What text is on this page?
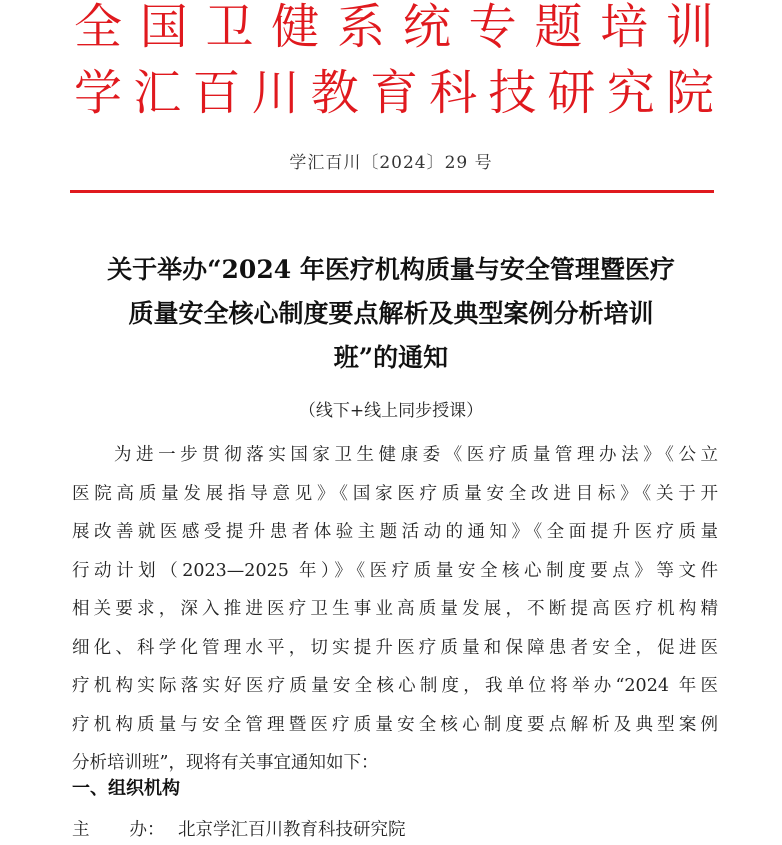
全 国 卫 健 系 统 专 题 培 训
学 汇 百 川 教 育 科 技 研 究 院
学汇百川〔2024〕29 号
关于举办“2024 年医疗机构质量与安全管理暨医疗
质量安全核心制度要点解析及典型案例分析培训
班”的通知
（线下+线上同步授课）
为进一步贯彻落实国家卫生健康委《医疗质量管理办法》《公立
医院高质量发展指导意见》《国家医疗质量安全改进目标》《关于开
展改善就医感受提升患者体验主题活动的通知》《全面提升医疗质量
行动计划（2023—2025 年）》《医疗质量安全核心制度要点》等文件
相关要求，深入推进医疗卫生事业高质量发展，不断提高医疗机构精
细化、科学化管理水平，切实提升医疗质量和保障患者安全，促进医
疗机构实际落实好医疗质量安全核心制度，我单位将举办“2024 年医
疗机构质量与安全管理暨医疗质量安全核心制度要点解析及典型案例
分析培训班”，现将有关事宜通知如下：
一、组织机构
主 办： 北京学汇百川教育科技研究院
